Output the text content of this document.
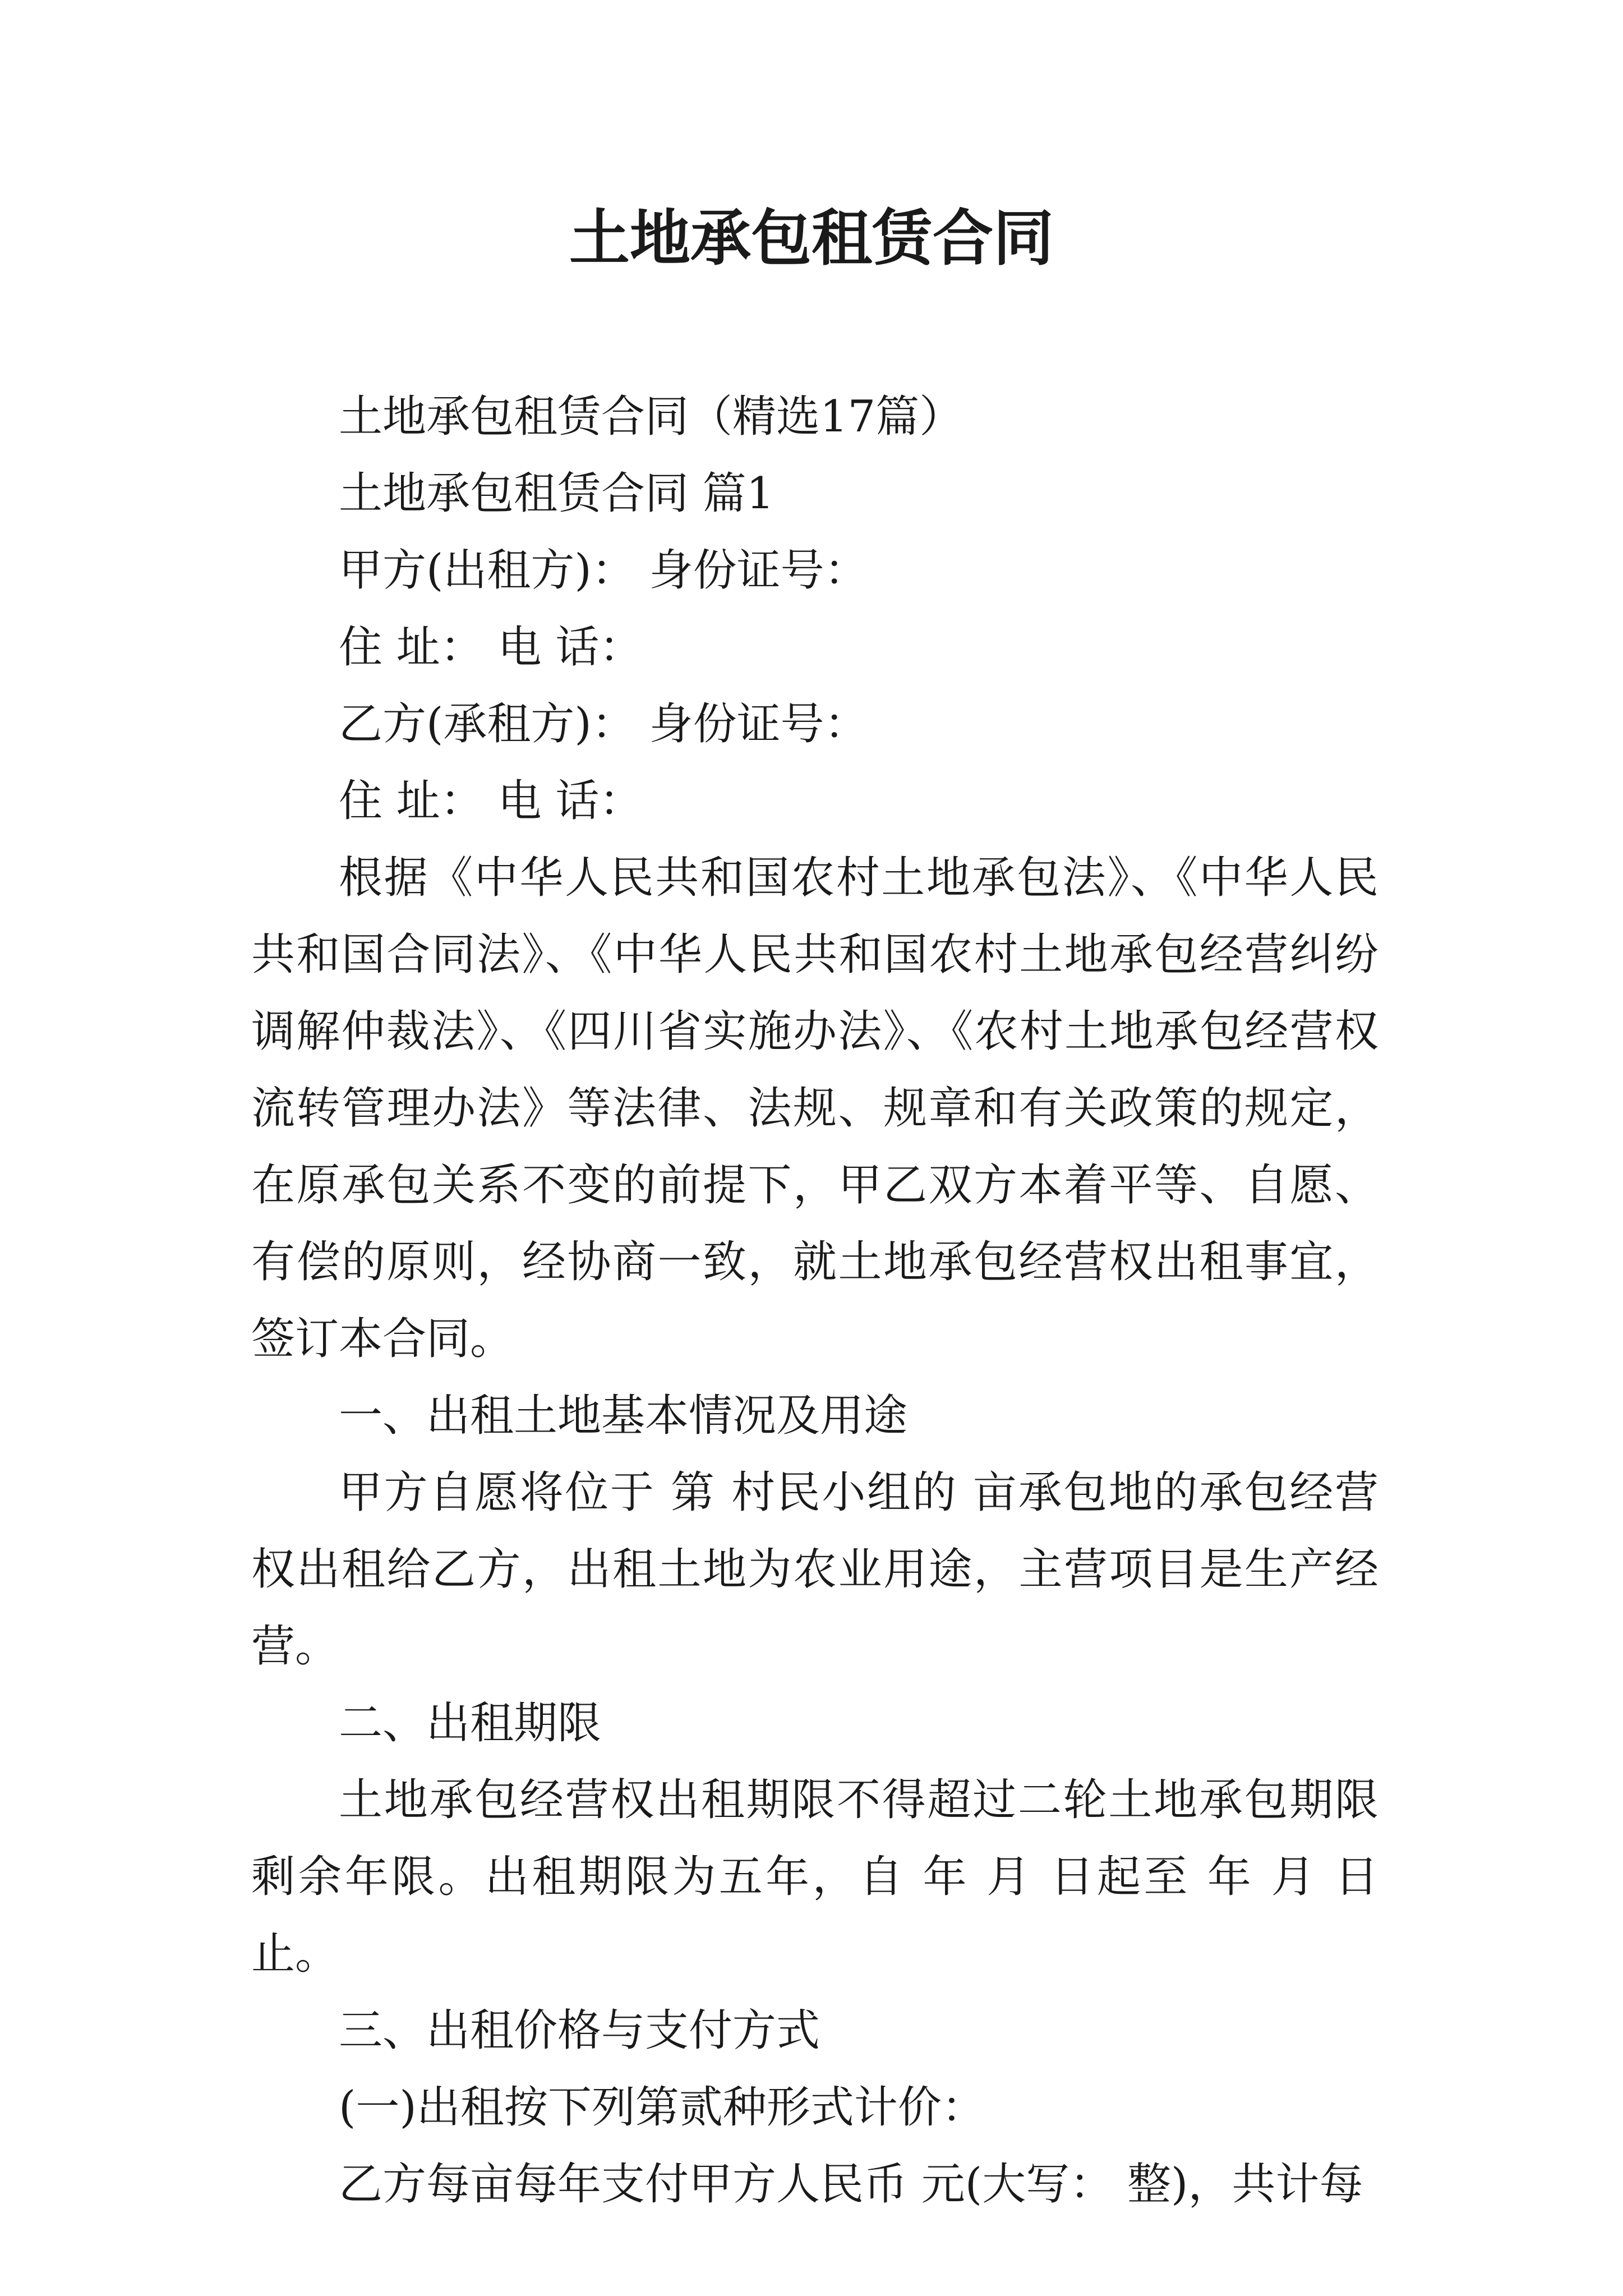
土地承包租赁合同

土地承包租赁合同（精选17篇）

土地承包租赁合同 篇1

甲方(出租方)： 身份证号：

住 址： 电 话：

乙方(承租方)： 身份证号：

住 址： 电 话：

根据《中华人民共和国农村土地承包法》、《中华人民共和国合同法》、《中华人民共和国农村土地承包经营纠纷调解仲裁法》、《四川省实施办法》、《农村土地承包经营权流转管理办法》等法律、法规、规章和有关政策的规定，在原承包关系不变的前提下，甲乙双方本着平等、自愿、有偿的原则，经协商一致，就土地承包经营权出租事宜，签订本合同。

一、出租土地基本情况及用途

甲方自愿将位于 第 村民小组的 亩承包地的承包经营权出租给乙方，出租土地为农业用途，主营项目是生产经营。

二、出租期限

土地承包经营权出租期限不得超过二轮土地承包期限剩余年限。出租期限为五年，自 年 月 日起至 年 月 日止。

三、出租价格与支付方式

(一)出租按下列第贰种形式计价：

乙方每亩每年支付甲方人民币 元(大写： 整)，共计每
